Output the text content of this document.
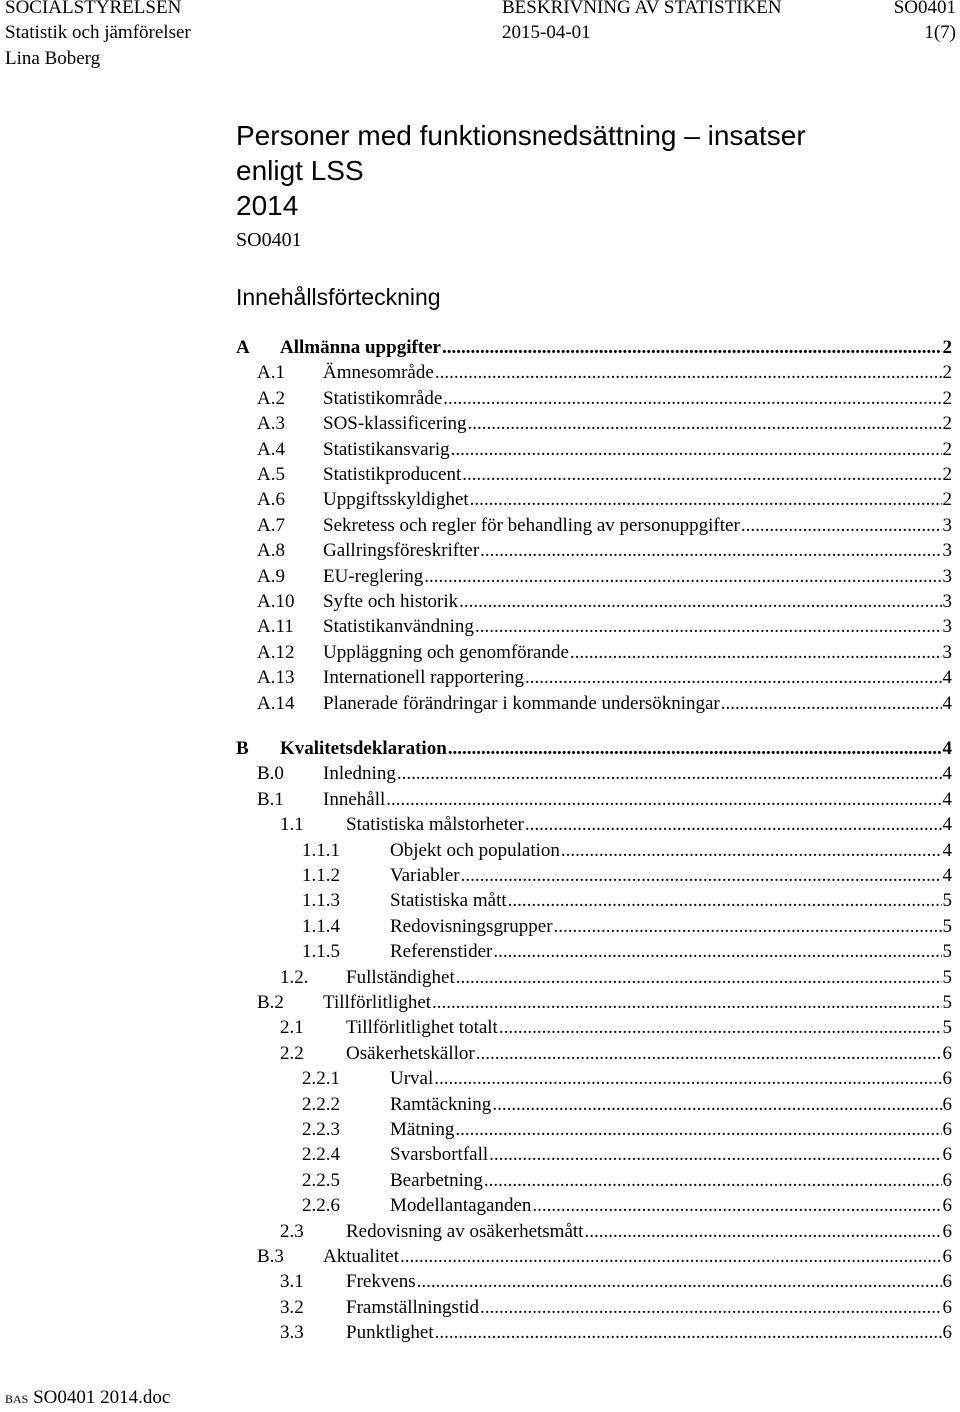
SOCIALSTYRELSEN	BESKRIVNING AV STATISTIKEN	SO0401
Statistik och jämförelser	2015-04-01	1(7)
Lina Boberg
Personer med funktionsnedsättning – insatser
enligt LSS
2014
SO0401
Innehållsförteckning
A	Allmänna uppgifter .....	2
A.1	Ämnesområde .....	2
A.2	Statistikområde .....	2
A.3	SOS-klassificering .....	2
A.4	Statistikansvarig .....	2
A.5	Statistikproducent .....	2
A.6	Uppgiftsskyldighet .....	2
A.7	Sekretess och regler för behandling av personuppgifter .....	3
A.8	Gallringsföreskrifter .....	3
A.9	EU-reglering .....	3
A.10	Syfte och historik .....	3
A.11	Statistikanvändning .....	3
A.12	Uppläggning och genomförande .....	3
A.13	Internationell rapportering .....	4
A.14	Planerade förändringar i kommande undersökningar .....	4
B	Kvalitetsdeklaration .....	4
B.0	Inledning .....	4
B.1	Innehåll .....	4
1.1	Statistiska målstorheter .....	4
1.1.1	Objekt och population .....	4
1.1.2	Variabler .....	4
1.1.3	Statistiska mått .....	5
1.1.4	Redovisningsgrupper .....	5
1.1.5	Referenstider .....	5
1.2.	Fullständighet .....	5
B.2	Tillförlitlighet .....	5
2.1	Tillförlitlighet totalt .....	5
2.2	Osäkerhetskällor .....	6
2.2.1	Urval .....	6
2.2.2	Ramtäckning .....	6
2.2.3	Mätning .....	6
2.2.4	Svarsbortfall .....	6
2.2.5	Bearbetning .....	6
2.2.6	Modellantaganden .....	6
2.3	Redovisning av osäkerhetsmått .....	6
B.3	Aktualitet .....	6
3.1	Frekvens .....	6
3.2	Framställningstid .....	6
3.3	Punktlighet .....	6
BAS SO0401 2014.doc
